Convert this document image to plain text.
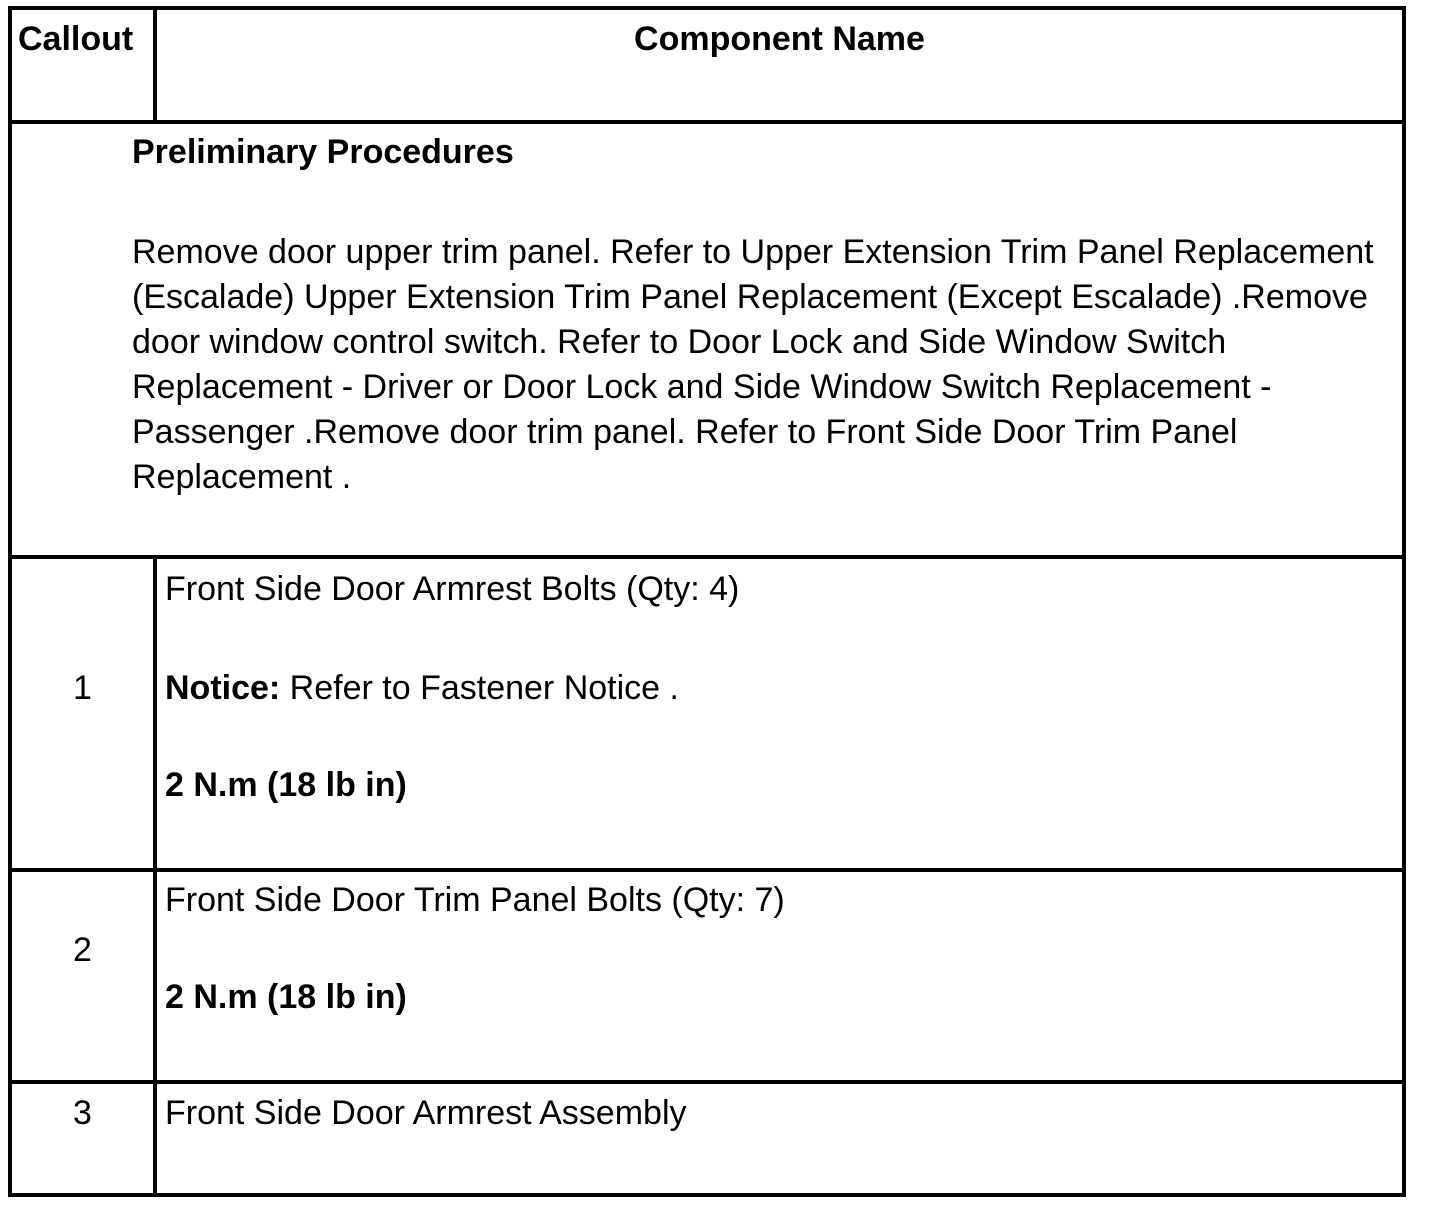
Callout	Component Name
Preliminary Procedures
Remove door upper trim panel. Refer to Upper Extension Trim Panel Replacement (Escalade) Upper Extension Trim Panel Replacement (Except Escalade) .Remove door window control switch. Refer to Door Lock and Side Window Switch Replacement - Driver or Door Lock and Side Window Switch Replacement - Passenger .Remove door trim panel. Refer to Front Side Door Trim Panel Replacement .
1
Front Side Door Armrest Bolts (Qty: 4)
Notice: Refer to Fastener Notice .
2 N.m (18 lb in)
2
Front Side Door Trim Panel Bolts (Qty: 7)
2 N.m (18 lb in)
3	Front Side Door Armrest Assembly
